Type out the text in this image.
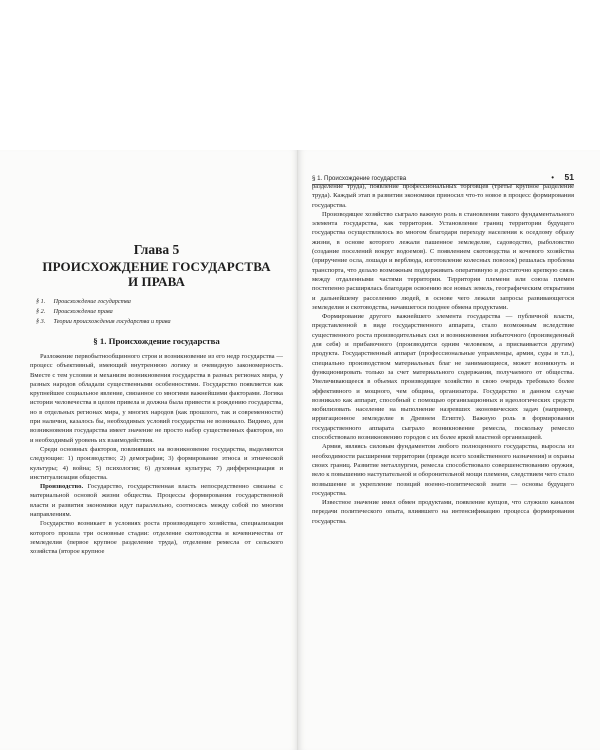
Глава 5

ПРОИСХОЖДЕНИЕ ГОСУДАРСТВА
И ПРАВА

§ 1. Происхождение государства
§ 2. Происхождение права
§ 3. Теории происхождения государства и права
§ 1. Происхождение государства

Разложение первобытнообщинного строя и возникновение из его недр государства — процесс объективный, имеющий внутреннюю логику и очевидную закономерность. Вместе с тем условия и механизм возникновения государства в разных регионах мира, у разных народов обладали существенными особенностями. Государство появляется как крупнейшее социальное явление, связанное со многими важнейшими факторами. Логика истории человечества в целом привела и должна была привести к рождению государства, но в отдельных регионах мира, у многих народов (как прошлого, так и современности) при наличии, казалось бы, необходимых условий государства не возникало. Видимо, для возникновения государства имеет значение не просто набор существенных факторов, но и необходимый уровень их взаимодействия.

Среди основных факторов, повлиявших на возникновение государства, выделяются следующие: 1) производство; 2) демография; 3) формирование этноса и этнической культуры; 4) война; 5) психология; 6) духовная культура; 7) дифференциация и институализация общества.

Производство. Государство, государственная власть непосредственно связаны с материальной основой жизни общества. Процессы формирования государственной власти и развития экономики идут параллельно, соотносясь между собой по многим направлениям.

Государство возникает в условиях роста производящего хозяйства, специализация которого прошла три основные стадии: отделение скотоводства и кочевничества от земледелия (первое крупное разделение труда), отделение ремесла от сельского хозяйства (второе крупное

§ 1. Происхождение государства	• 51

разделение труда), появление профессиональных торговцев (третье крупное разделение труда). Каждый этап в развитии экономики приносил что-то новое в процесс формирования государства.

Производящее хозяйство сыграло важную роль в становлении такого фундаментального элемента государства, как территория. Установление границ территории будущего государства осуществлялось во многом благодаря переходу населения к оседлому образу жизни, в основе которого лежали пашенное земледелие, садоводство, рыболовство (создание поселений вокруг водоемов). С появлением скотоводства и кочевого хозяйства (приручение осла, лошади и верблюда, изготовление колесных повозок) решалась проблема транспорта, что делало возможным поддерживать оперативную и достаточно крепкую связь между отдаленными частями территории. Территория племени или союза племен постепенно расширялась благодаря освоению все новых земель, географическим открытиям и дальнейшему расселению людей, в основе чего лежали запросы развивающегося земледелия и скотоводства, начавшегося позднее обмена продуктами.

Формирование другого важнейшего элемента государства — публичной власти, представленной в виде государственного аппарата, стало возможным вследствие существенного роста производительных сил и возникновения избыточного (произведенный для себя) и прибавочного (производится одним человеком, а присваивается другим) продукта. Государственный аппарат (профессиональные управленцы, армия, суды и т.п.), специально производством материальных благ не занимающиеся, может возникнуть и функционировать только за счет материального содержания, получаемого от общества. Увеличивающееся в объемах производящее хозяйство в свою очередь требовало более эффективного и мощного, чем община, организатора. Государство в данном случае возникало как аппарат, способный с помощью организационных и идеологических средств мобилизовать население на выполнение назревших экономических задач (например, ирригационное земледелие в Древнем Египте). Важную роль в формировании государственного аппарата сыграло возникновение ремесла, поскольку ремесло способствовало возникновению городов с их более яркой властной организацией.

Армия, являясь силовым фундаментом любого полноценного государства, выросла из необходимости расширения территории (прежде всего хозяйственного назначения) и охраны своих границ. Развитие металлургии, ремесла способствовало совершенствованию оружия, вело к повышению наступательной и оборонительной мощи племени, следствием чего стало возвышение и укрепление позиций военно-политической знати — основы будущего государства.

Известное значение имел обмен продуктами, появление купцов, что служило каналом передачи политического опыта, влиявшего на интенсификацию процесса формирования государства.
